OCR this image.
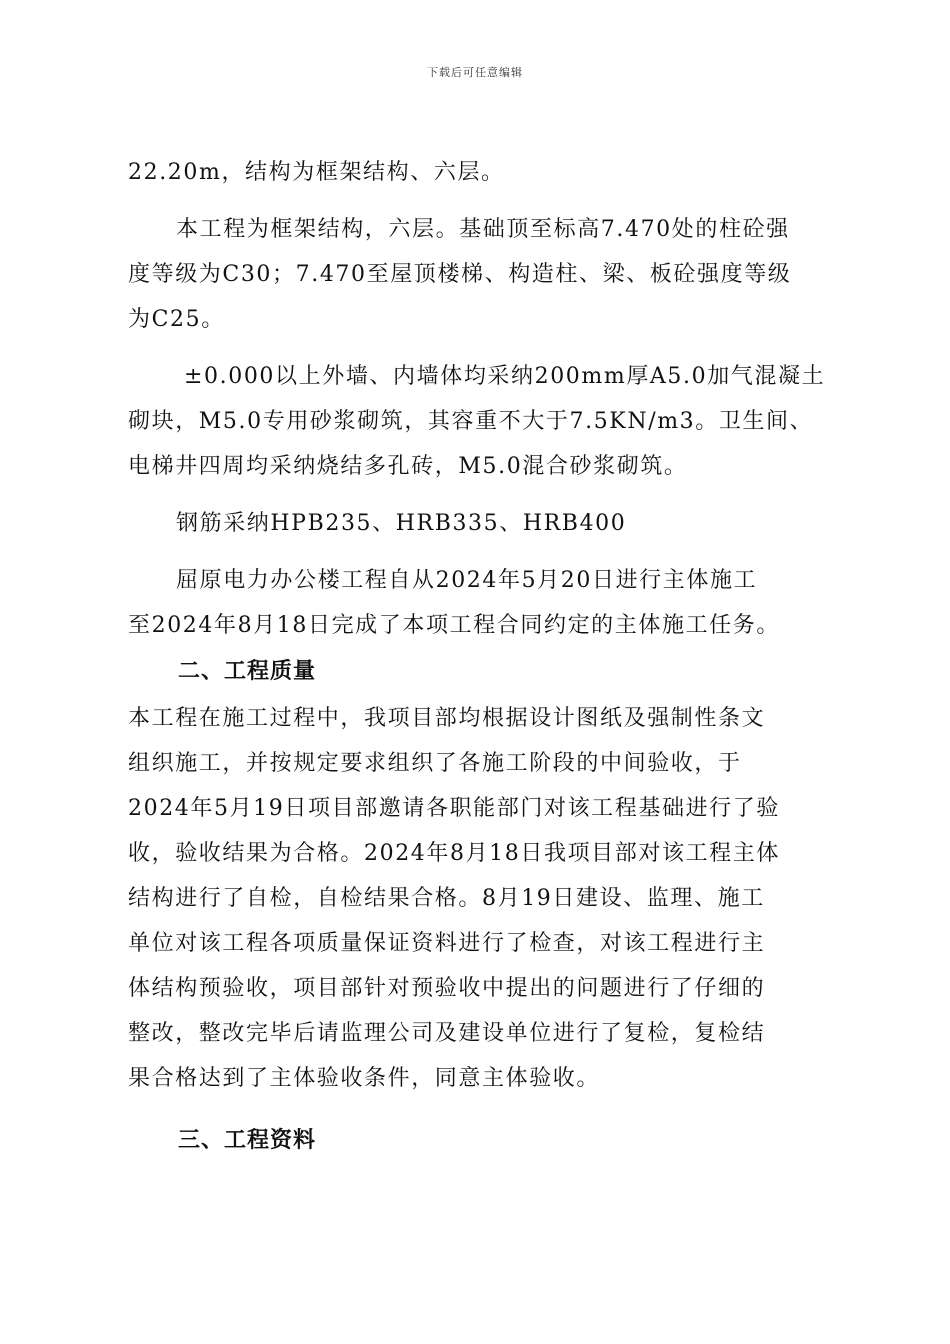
下载后可任意编辑
22.20m，结构为框架结构、六层。
本工程为框架结构，六层。基础顶至标高7.470处的柱砼强
度等级为C30；7.470至屋顶楼梯、构造柱、梁、板砼强度等级
为C25。
±0.000以上外墙、内墙体均采纳200mm厚A5.0加气混凝土
砌块，M5.0专用砂浆砌筑，其容重不大于7.5KN/m3。卫生间、
电梯井四周均采纳烧结多孔砖，M5.0混合砂浆砌筑。
钢筋采纳HPB235、HRB335、HRB400
屈原电力办公楼工程自从2024年5月20日进行主体施工
至2024年8月18日完成了本项工程合同约定的主体施工任务。
二、工程质量
本工程在施工过程中，我项目部均根据设计图纸及强制性条文
组织施工，并按规定要求组织了各施工阶段的中间验收，于
2024年5月19日项目部邀请各职能部门对该工程基础进行了验
收，验收结果为合格。2024年8月18日我项目部对该工程主体
结构进行了自检，自检结果合格。8月19日建设、监理、施工
单位对该工程各项质量保证资料进行了检查，对该工程进行主
体结构预验收，项目部针对预验收中提出的问题进行了仔细的
整改，整改完毕后请监理公司及建设单位进行了复检，复检结
果合格达到了主体验收条件，同意主体验收。
三、工程资料
